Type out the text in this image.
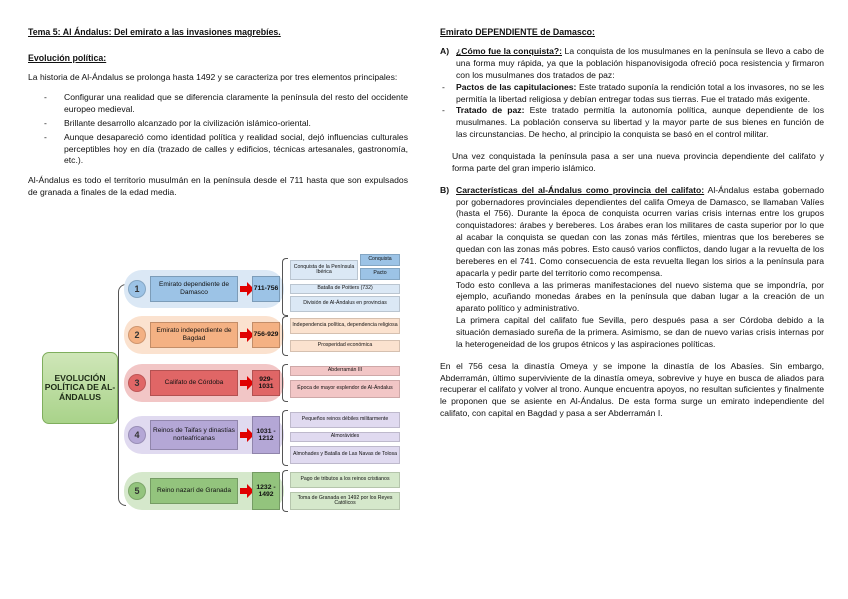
Tema 5: Al Ándalus: Del emirato a las invasiones magrebíes.
Evolución política:
La historia de Al-Ándalus se prolonga hasta 1492 y se caracteriza por tres elementos principales:
- Configurar una realidad que se diferencia claramente la península del resto del occidente europeo medieval.
- Brillante desarrollo alcanzado por la civilización islámico-oriental.
- Aunque desapareció como identidad política y realidad social, dejó influencias culturales perceptibles hoy en día (trazado de calles y edificios, técnicas artesanales, gastronomía, etc.).
Al-Ándalus es todo el territorio musulmán en la península desde el 711 hasta que son expulsados de granada a finales de la edad media.
EVOLUCIÓN POLÍTICA DE AL-ÁNDALUS
1	Emirato dependiente de Damasco
711-756
Conquista de la Península Ibérica
Conquista
Pacto
Batalla de Poitiers (732)
División de Al-Ándalus en provincias
2	Emirato independiente de Bagdad
756-929
Independencia política, dependencia religiosa
Prosperidad económica
3	Califato de Córdoba	929-1031
Abderramán III
Época de mayor esplendor de Al-Ándalus
4	Reinos de Taifas y dinastías norteafricanas
1031 - 1212
Pequeños reinos débiles militarmente
Almorávides
Almohades y Batalla de Las Navas de Tolosa
5	Reino nazarí de Granada	1232 - 1492
Pago de tributos a los reinos cristianos
Toma de Granada en 1492 por los Reyes Católicos
Emirato DEPENDIENTE de Damasco:
A) ¿Cómo fue la conquista?: La conquista de los musulmanes en la península se llevo a cabo de una forma muy rápida, ya que la población hispanovisigoda ofreció poca resistencia y firmaron con los musulmanes dos tratados de paz:
- Pactos de las capitulaciones: Este tratado suponía la rendición total a los invasores, no se les permitía la libertad religiosa y debían entregar todas sus tierras. Fue el tratado más exigente.
- Tratado de paz: Este tratado permitía la autonomía política, aunque dependiente de los musulmanes. La población conserva su libertad y la mayor parte de sus bienes en función de las circunstancias. De hecho, al principio la conquista se basó en el control militar.
Una vez conquistada la península pasa a ser una nueva provincia dependiente del califato y forma parte del gran imperio islámico.
B) Características del al-Ándalus como provincia del califato: Al-Ándalus estaba gobernado por gobernadores provinciales dependientes del califa Omeya de Damasco, se llamaban Valíes (hasta el 756). Durante la época de conquista ocurren varias crisis internas entre los grupos conquistadores: árabes y bereberes. Los árabes eran los militares de casta superior por lo que al acabar la conquista se quedan con las zonas más fértiles, mientras que los bereberes se quedan con las zonas más pobres. Esto causó varios conflictos, dando lugar a la revuelta de los bereberes en el 741. Como consecuencia de esta revuelta llegan los sirios a la península para apacarla y pedir parte del territorio como recompensa.
Todo esto conlleva a las primeras manifestaciones del nuevo sistema que se impondría, por ejemplo, acuñando monedas árabes en la península que daban lugar a la creación de un aparato político y administrativo.
La primera capital del califato fue Sevilla, pero después pasa a ser Córdoba debido a la situación demasiado sureña de la primera. Asimismo, se dan de nuevo varias crisis internas por la heterogeneidad de los grupos étnicos y las aspiraciones políticas.
En el 756 cesa la dinastía Omeya y se impone la dinastía de los Abasíes. Sin embargo, Abderramán, último superviviente de la dinastía omeya, sobrevive y huye en busca de aliados para recuperar el califato y volver al trono. Aunque encuentra apoyos, no resultan suficientes y finalmente le proponen que se asiente en Al-Ándalus. De esta forma surge un emirato independiente del califato, con capital en Bagdad y pasa a ser Abderramán I.
